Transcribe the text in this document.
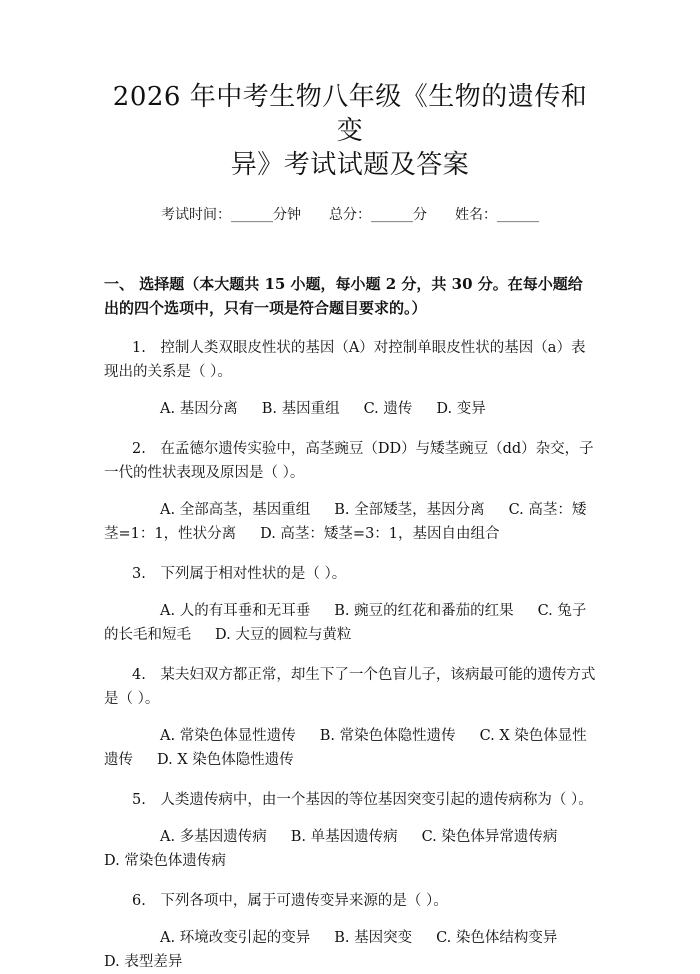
2026 年中考生物八年级《生物的遗传和变
异》考试试题及答案
考试时间：______分钟 总分：______分 姓名：______
一、 选择题（本大题共 15 小题，每小题 2 分，共 30 分。在每小题给出的四个选项中，只有一项是符合题目要求的。）
1.　控制人类双眼皮性状的基因（A）对控制单眼皮性状的基因（a）表现出的关系是（ ）。
A. 基因分离 B. 基因重组 C. 遗传 D. 变异
2.　在孟德尔遗传实验中，高茎豌豆（DD）与矮茎豌豆（dd）杂交，子一代的性状表现及原因是（ ）。
A. 全部高茎，基因重组 B. 全部矮茎，基因分离 C. 高茎：矮茎=1：1，性状分离 D. 高茎：矮茎=3：1，基因自由组合
3.　下列属于相对性状的是（ ）。
A. 人的有耳垂和无耳垂 B. 豌豆的红花和番茄的红果 C. 兔子的长毛和短毛 D. 大豆的圆粒与黄粒
4.　某夫妇双方都正常，却生下了一个色盲儿子，该病最可能的遗传方式是（ ）。
A. 常染色体显性遗传 B. 常染色体隐性遗传 C. X 染色体显性遗传 D. X 染色体隐性遗传
5.　人类遗传病中，由一个基因的等位基因突变引起的遗传病称为（ ）。
A. 多基因遗传病 B. 单基因遗传病 C. 染色体异常遗传病D. 常染色体遗传病
6.　下列各项中，属于可遗传变异来源的是（ ）。
A. 环境改变引起的变异 B. 基因突变 C. 染色体结构变异D. 表型差异
